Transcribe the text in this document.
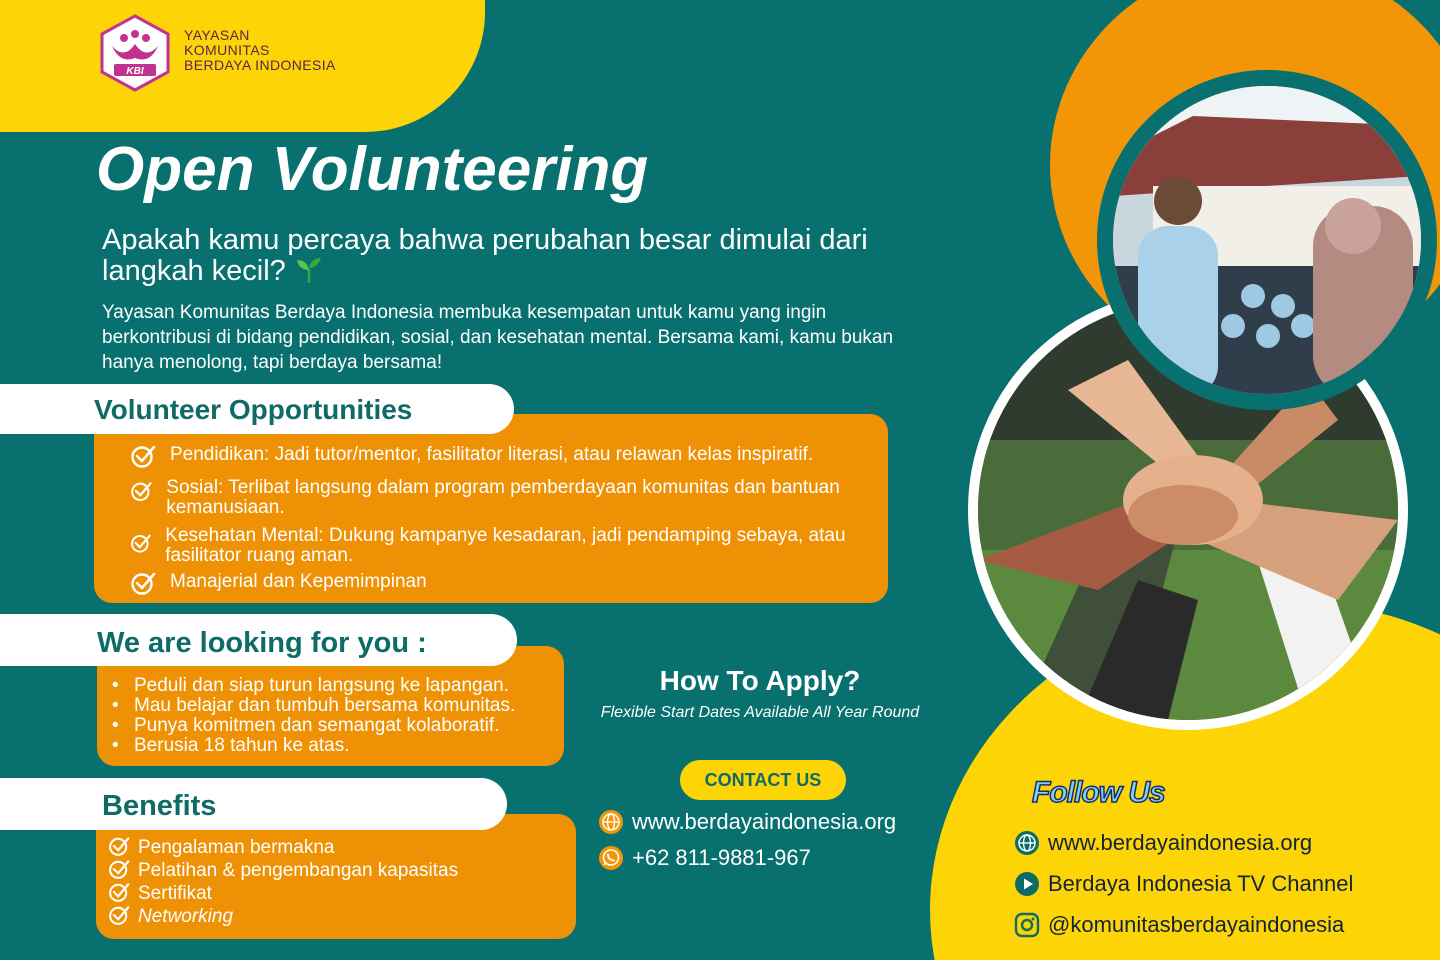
KBI
YAYASAN
KOMUNITAS
BERDAYA INDONESIA
Open Volunteering
Apakah kamu percaya bahwa perubahan besar dimulai dari langkah kecil?
Yayasan Komunitas Berdaya Indonesia membuka kesempatan untuk kamu yang ingin berkontribusi di bidang pendidikan, sosial, dan kesehatan mental. Bersama kami, kamu bukan hanya menolong, tapi berdaya bersama!
Volunteer Opportunities
Pendidikan: Jadi tutor/mentor, fasilitator literasi, atau relawan kelas inspiratif.
Sosial: Terlibat langsung dalam program pemberdayaan komunitas dan bantuan kemanusiaan.
Kesehatan Mental: Dukung kampanye kesadaran, jadi pendamping sebaya, atau fasilitator ruang aman.
Manajerial dan Kepemimpinan
We are looking for you :
• Peduli dan siap turun langsung ke lapangan.
• Mau belajar dan tumbuh bersama komunitas.
• Punya komitmen dan semangat kolaboratif.
• Berusia 18 tahun ke atas.
Benefits
Pengalaman bermakna
Pelatihan & pengembangan kapasitas
Sertifikat
Networking
How To Apply?
Flexible Start Dates Available All Year Round
CONTACT US
www.berdayaindonesia.org
+62 811-9881-967
Follow Us
www.berdayaindonesia.org
Berdaya Indonesia TV Channel
@komunitasberdayaindonesia
